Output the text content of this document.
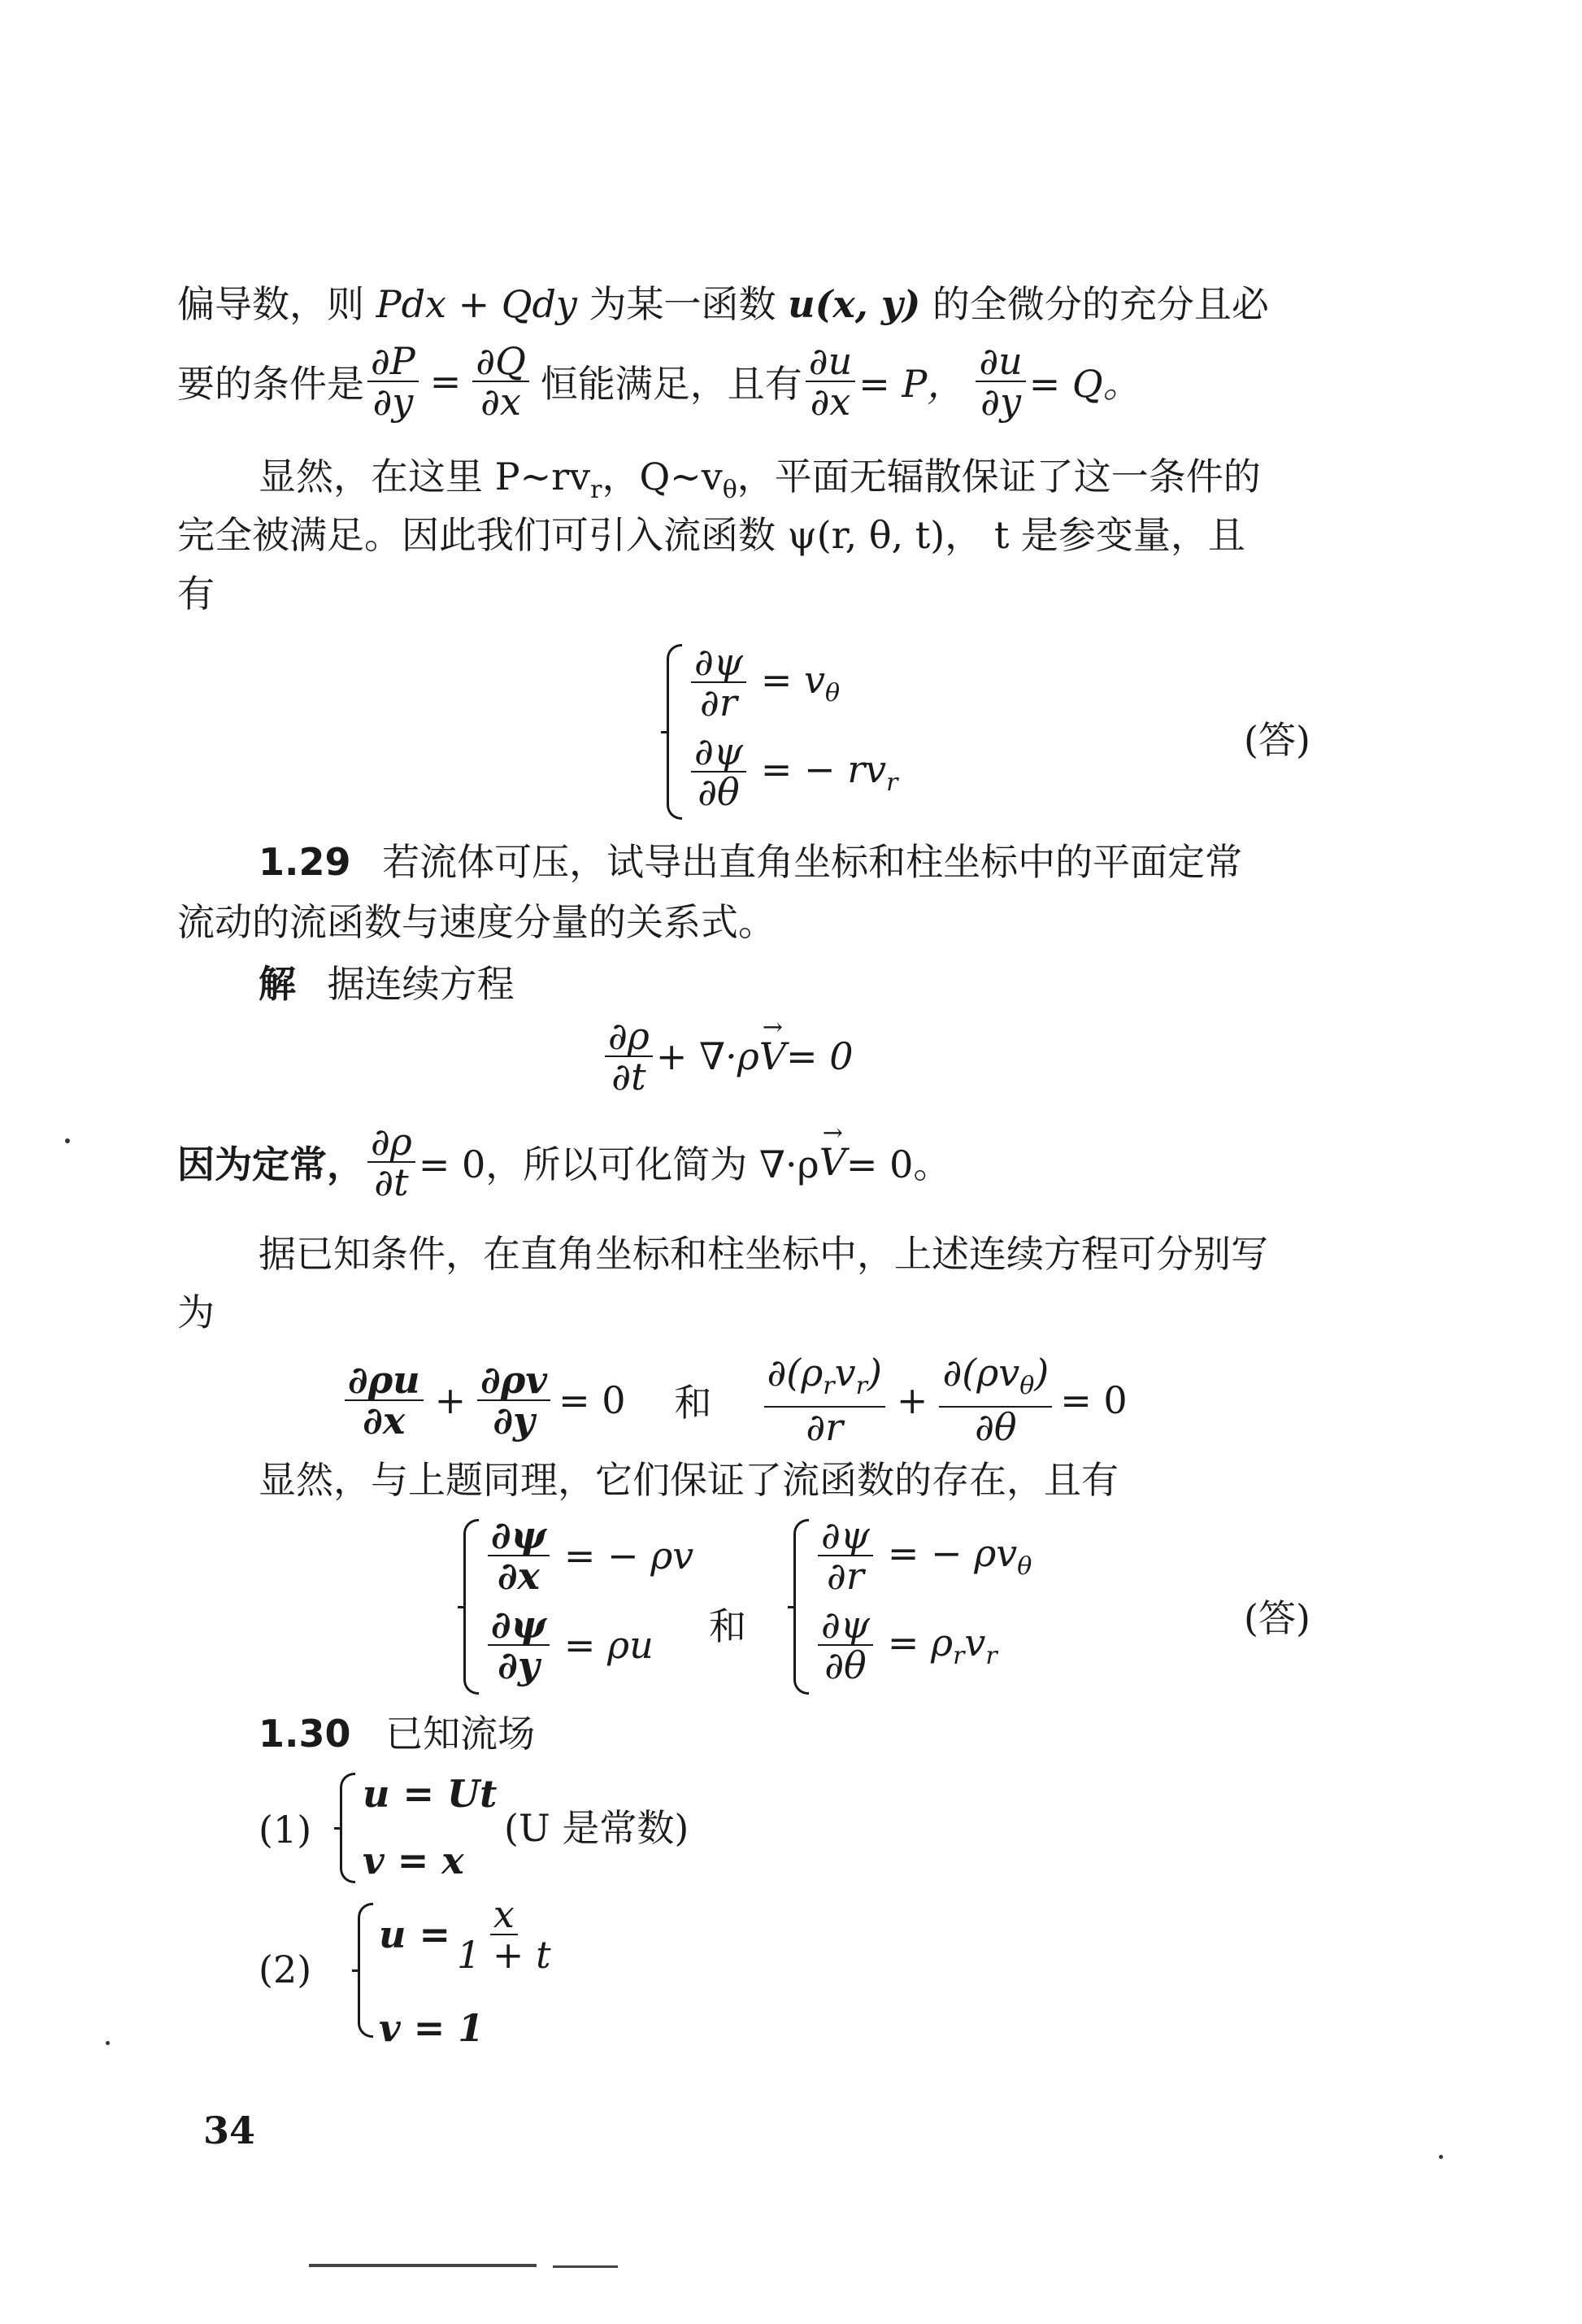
偏导数，则 Pdx + Qdy 为某一函数 u(x, y) 的全微分的充分且必
要的条件是 $\frac{\partial P}{\partial y} = \frac{\partial Q}{\partial x}$ 恒能满足，且有 $\frac{\partial u}{\partial x} = P$， $\frac{\partial u}{\partial y} = Q$。
显然，在这里 $P\sim rv_r$，$Q\sim v_\theta$，平面无辐散保证了这一条件的
完全被满足。因此我们可引入流函数 ψ(r, θ, t)， t 是参变量，且
有
$\frac{\partial\psi}{\partial r} = v_\theta$
$\frac{\partial\psi}{\partial\theta}$ = − $rv_r$
(答)
1.29 若流体可压，试导出直角坐标和柱坐标中的平面定常
流动的流函数与速度分量的关系式。
解 据连续方程
$\frac{\partial\rho}{\partial t} + \nabla\cdot\rho$
→ V = 0
因为定常， $\frac{\partial\rho}{\partial t} = 0$，所以可化简为 ∇·ρ
→ V = 0。
据已知条件，在直角坐标和柱坐标中，上述连续方程可分别写
为
$\frac{\partial\rho u}{\partial x} + \frac{\partial\rho v}{\partial y} = 0$ 和 $\frac{\partial(\rho_rv_r)}{\partial r} + \frac{\partial(\rho v_\theta)}{\partial\theta} = 0$
显然，与上题同理，它们保证了流函数的存在，且有
$\frac{\partial\psi}{\partial x}$ = − ρv
$\frac{\partial\psi}{\partial y} = \rho u$ 和
$\frac{\partial\psi}{\partial r}$ = − $\rho v_\theta$
$\frac{\partial\psi}{\partial\theta} = \rho_rv_r$
(答)
1.30 已知流场
(1)
u = Ut
v = x
(U 是常数)
(2)
$u = \frac{x}{1 + t}$
v = 1
34
